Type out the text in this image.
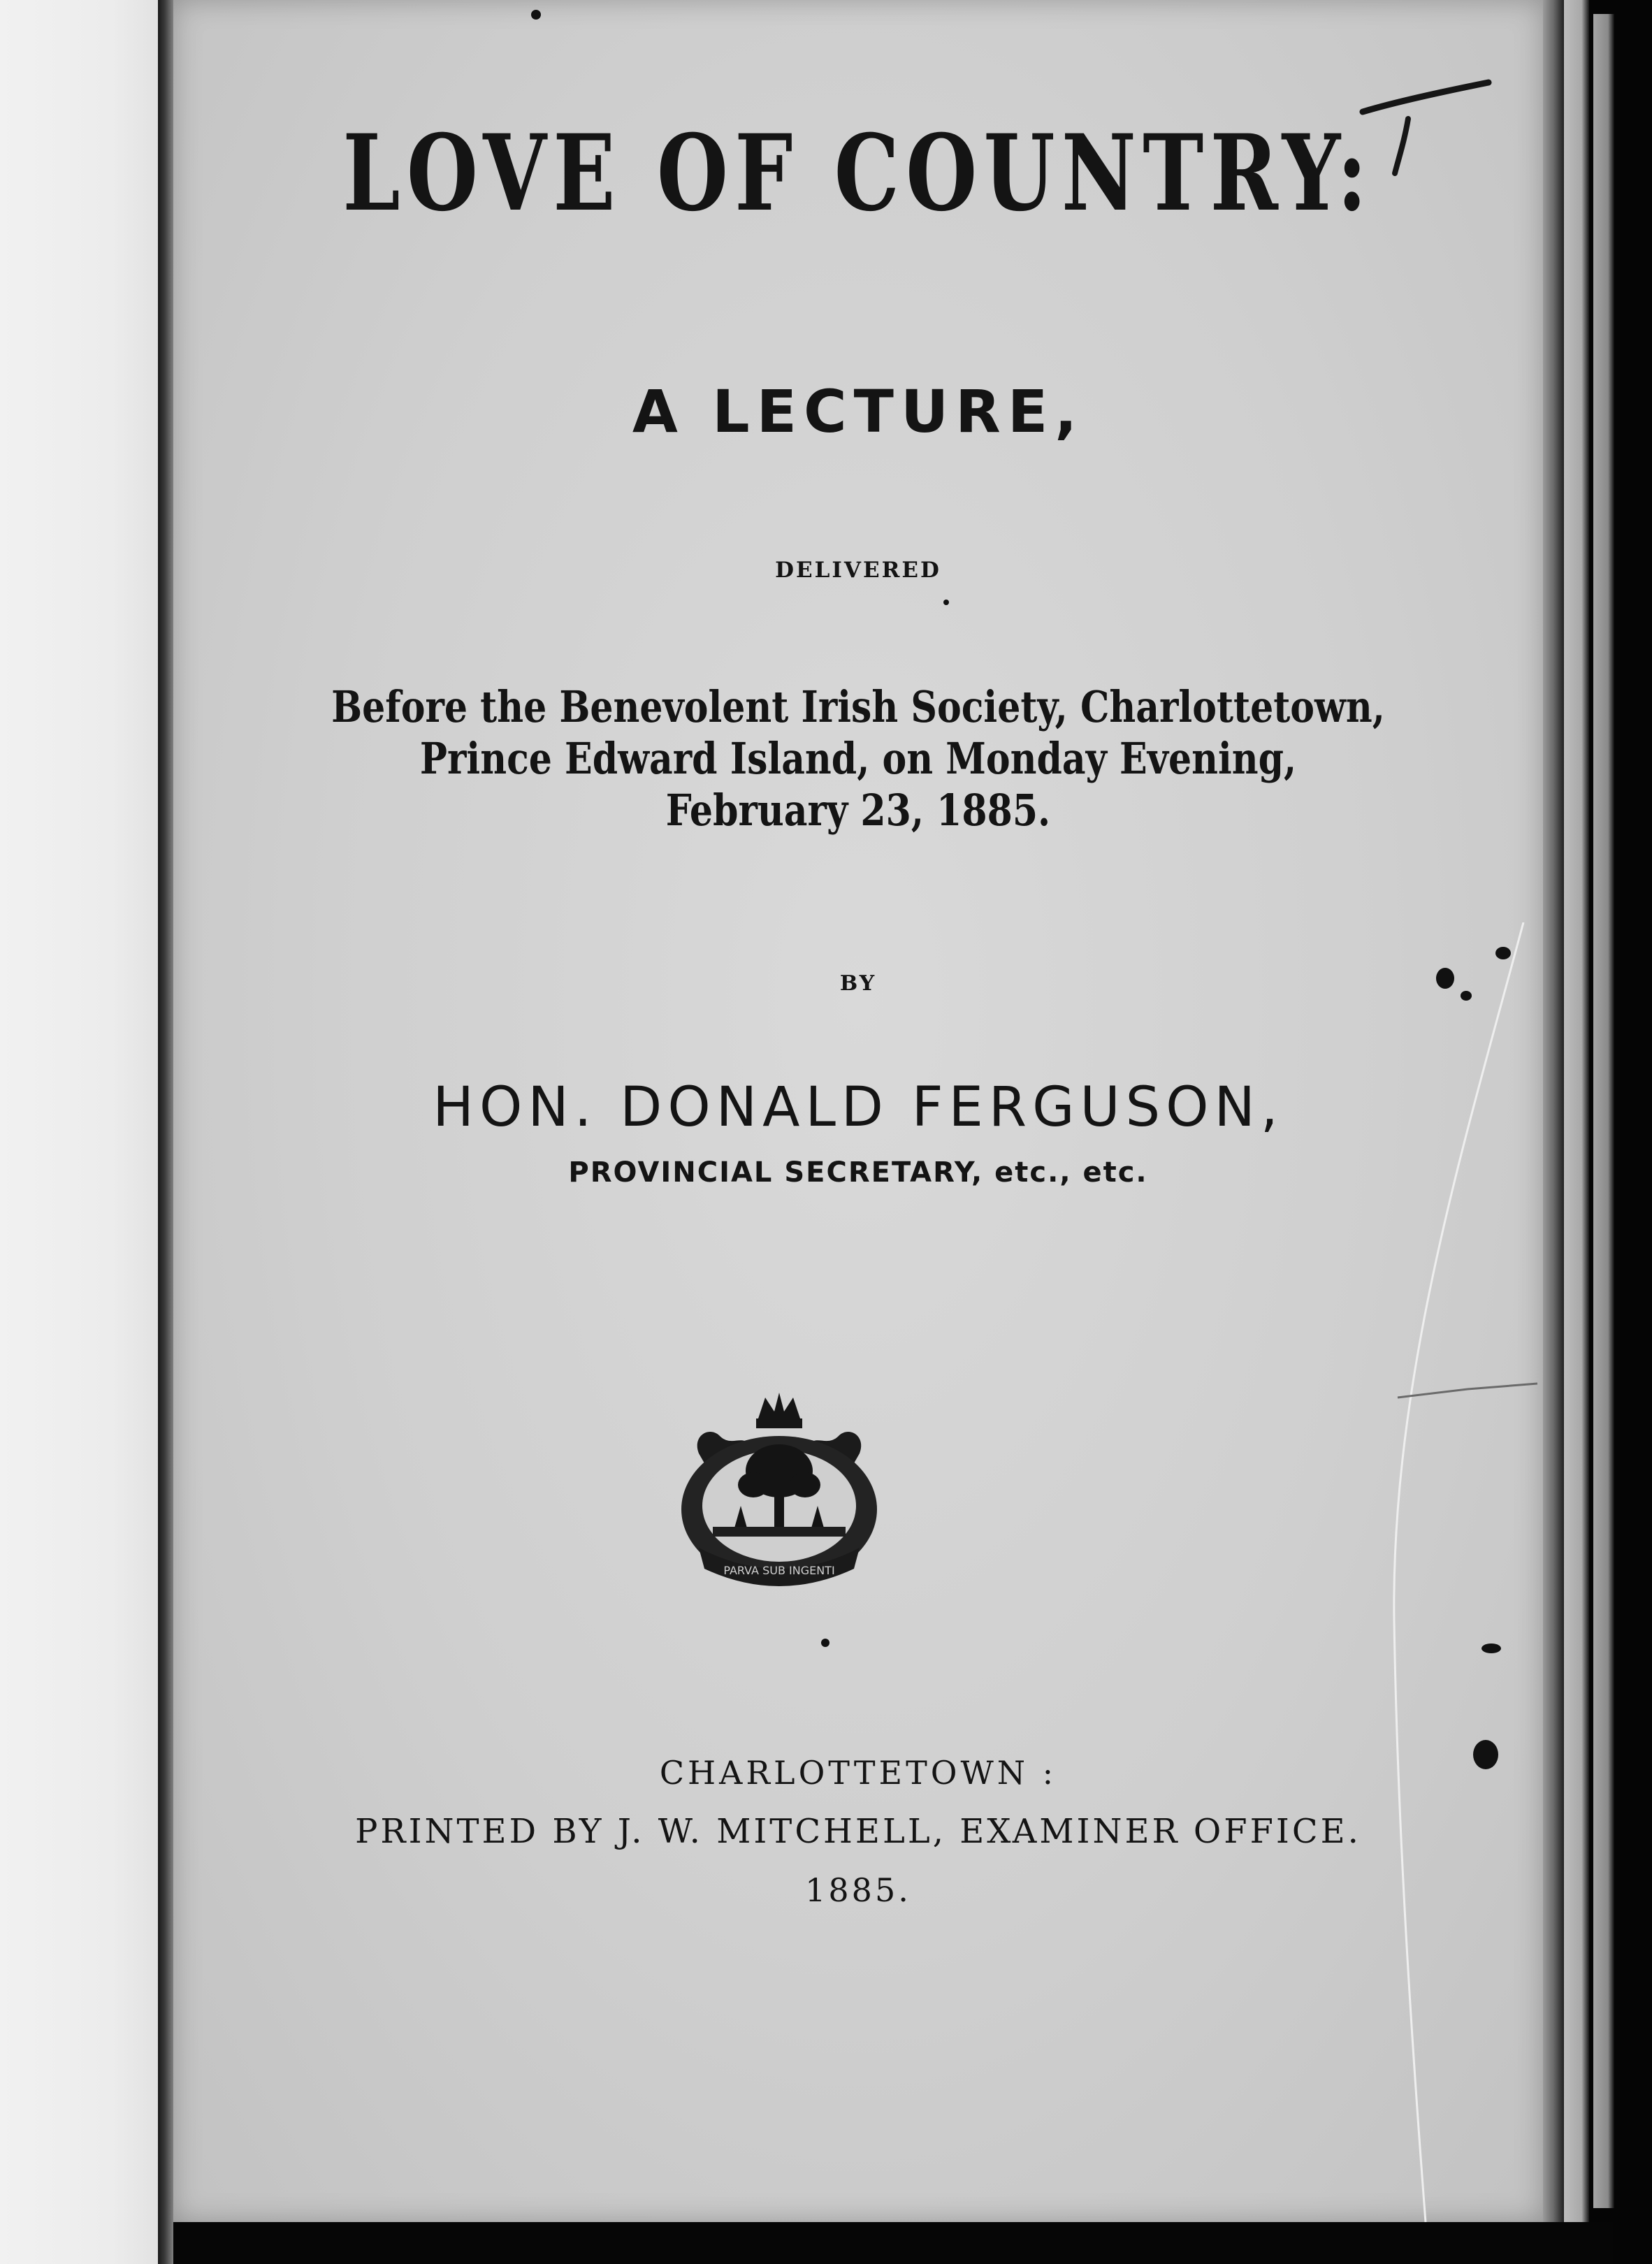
LOVE OF COUNTRY:
A LECTURE,
DELIVERED
Before the Benevolent Irish Society, Charlottetown,
Prince Edward Island, on Monday Evening,
February 23, 1885.
BY
HON. DONALD FERGUSON,
PROVINCIAL SECRETARY, etc., etc.
PARVA SUB INGENTI
CHARLOTTETOWN :
PRINTED BY J. W. MITCHELL, EXAMINER OFFICE.
1885.
